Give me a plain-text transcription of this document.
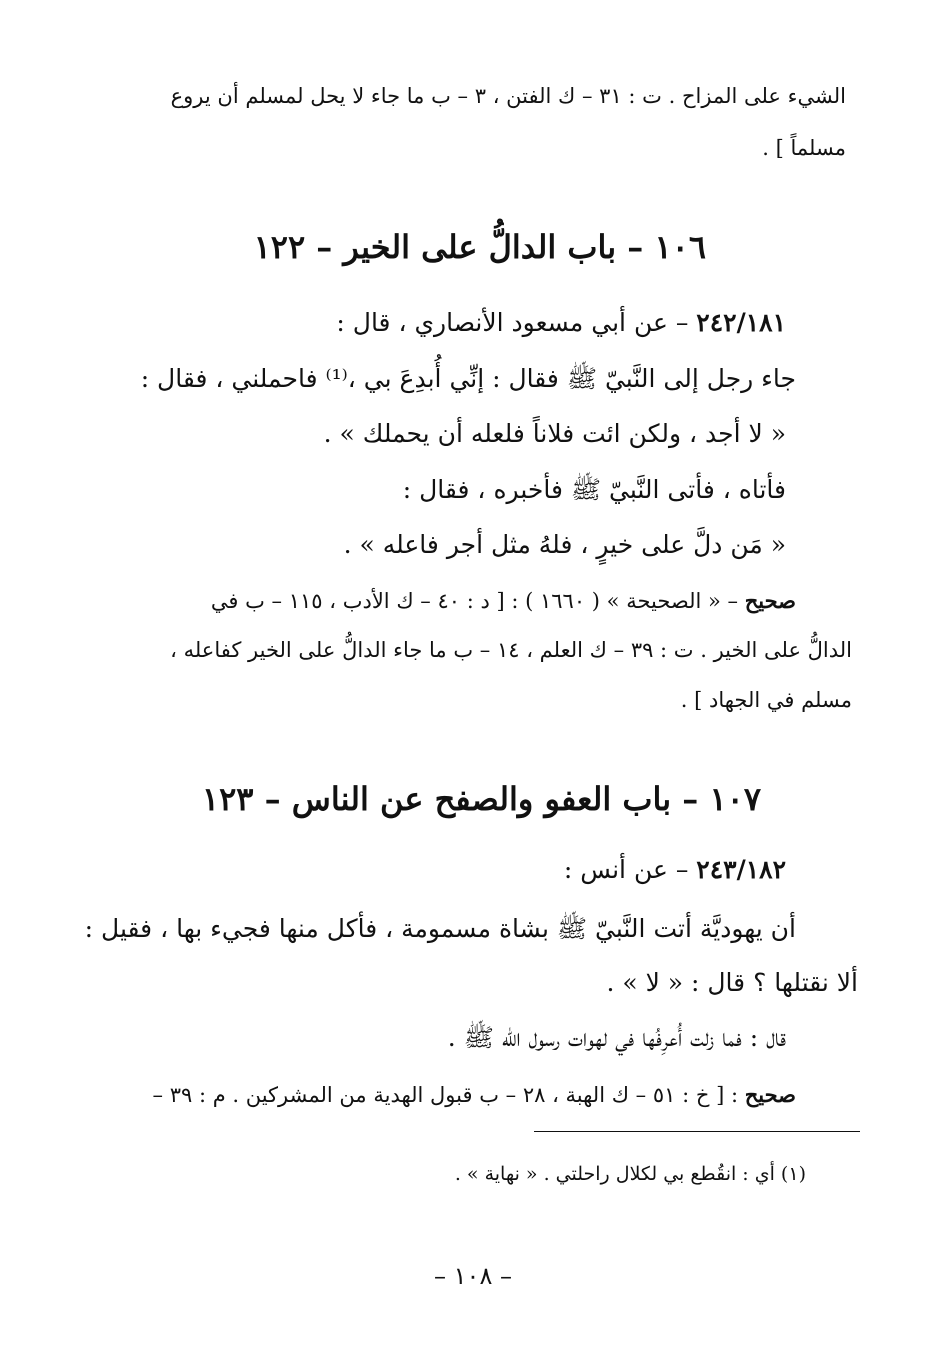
الشيء على المزاح . ت : ٣١ – ك الفتن ، ٣ – ب ما جاء لا يحل لمسلم أن يروع

مسلماً ] .

١٠٦ – باب الدالُّ على الخير – ١٢٢

٢٤٢/١٨١ – عن أبي مسعود الأنصاري ، قال :

جاء رجل إلى النَّبيّ ﷺ فقال : إنِّي أُبدِعَ بي ،⁽¹⁾ فاحملني ، فقال :

« لا أجد ، ولكن ائت فلاناً فلعله أن يحملك » .

فأتاه ، فأتى النَّبيّ ﷺ فأخبره ، فقال :

« مَن دلَّ على خيرٍ ، فلهُ مثل أجر فاعله » .

صحيح – « الصحيحة » ( ١٦٦٠ ) : [ د : ٤٠ – ك الأدب ، ١١٥ – ب في

الدالُّ على الخير . ت : ٣٩ – ك العلم ، ١٤ – ب ما جاء الدالُّ على الخير كفاعله ،

مسلم في الجهاد ] .

١٠٧ – باب العفو والصفح عن الناس – ١٢٣

٢٤٣/١٨٢ – عن أنس :

أن يهوديَّة أتت النَّبيّ ﷺ بشاة مسمومة ، فأكل منها فجيء بها ، فقيل :

ألا نقتلها ؟ قال : « لا » .

قال : فما زلت أُعرِفُها في لهوات رسول اللّه ﷺ .

صحيح : [ خ : ٥١ – ك الهبة ، ٢٨ – ب قبول الهدية من المشركين . م : ٣٩ –

(١) أي : انقُطع بي لكلال راحلتي . « نهاية » .

– ١٠٨ –
